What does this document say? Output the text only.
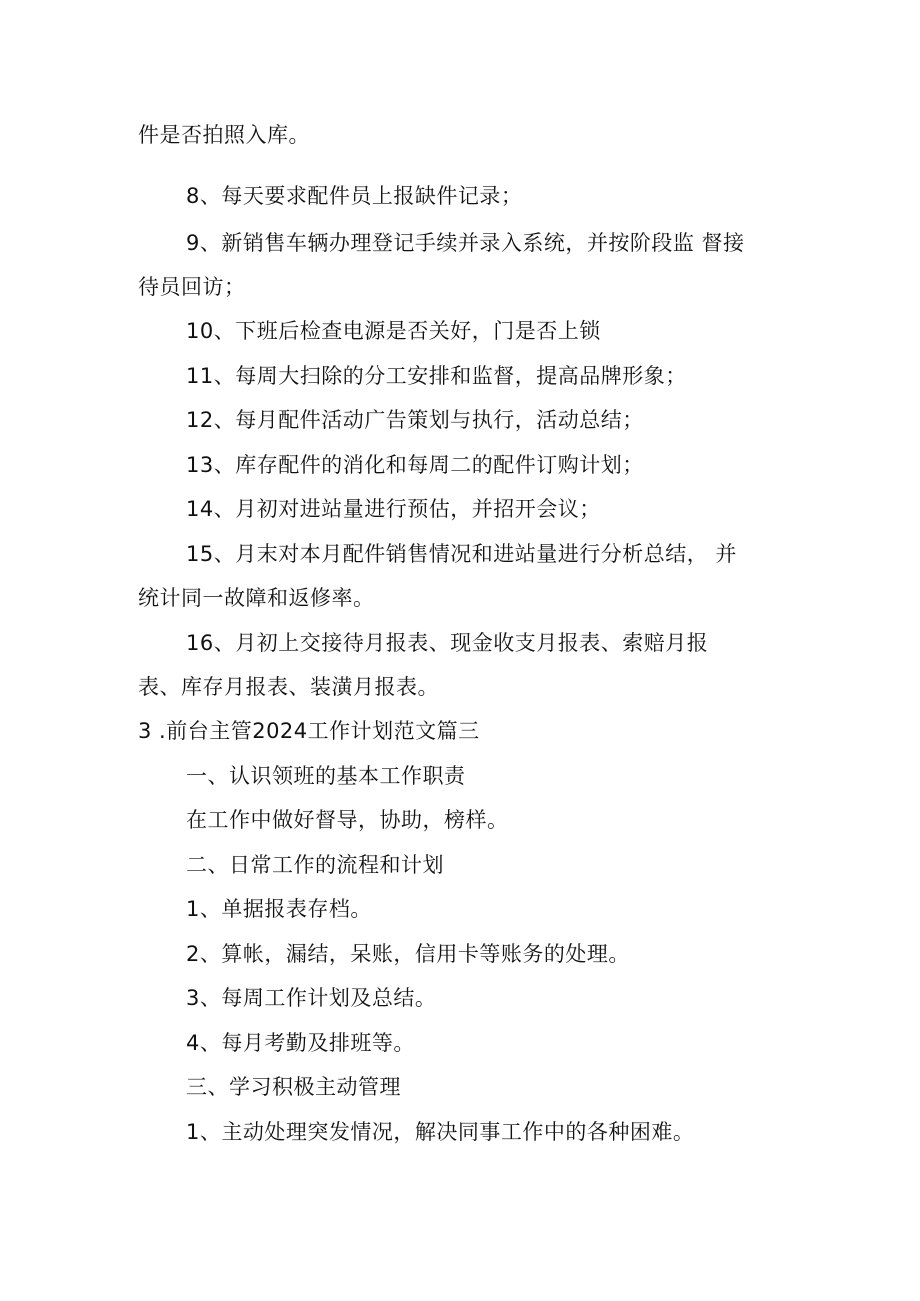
件是否拍照入库。
8、每天要求配件员上报缺件记录；
9、新销售车辆办理登记手续并录入系统，并按阶段监 督接
待员回访；
10、下班后检查电源是否关好，门是否上锁
11、每周大扫除的分工安排和监督，提高品牌形象；
12、每月配件活动广告策划与执行，活动总结；
13、库存配件的消化和每周二的配件订购计划；
14、月初对进站量进行预估，并招开会议；
15、月末对本月配件销售情况和进站量进行分析总结， 并
统计同一故障和返修率。
16、月初上交接待月报表、现金收支月报表、索赔月报
表、库存月报表、装潢月报表。
3 .前台主管2024工作计划范文篇三
一、认识领班的基本工作职责
在工作中做好督导，协助，榜样。
二、日常工作的流程和计划
1、单据报表存档。
2、算帐，漏结，呆账，信用卡等账务的处理。
3、每周工作计划及总结。
4、每月考勤及排班等。
三、学习积极主动管理
1、主动处理突发情况，解决同事工作中的各种困难。
